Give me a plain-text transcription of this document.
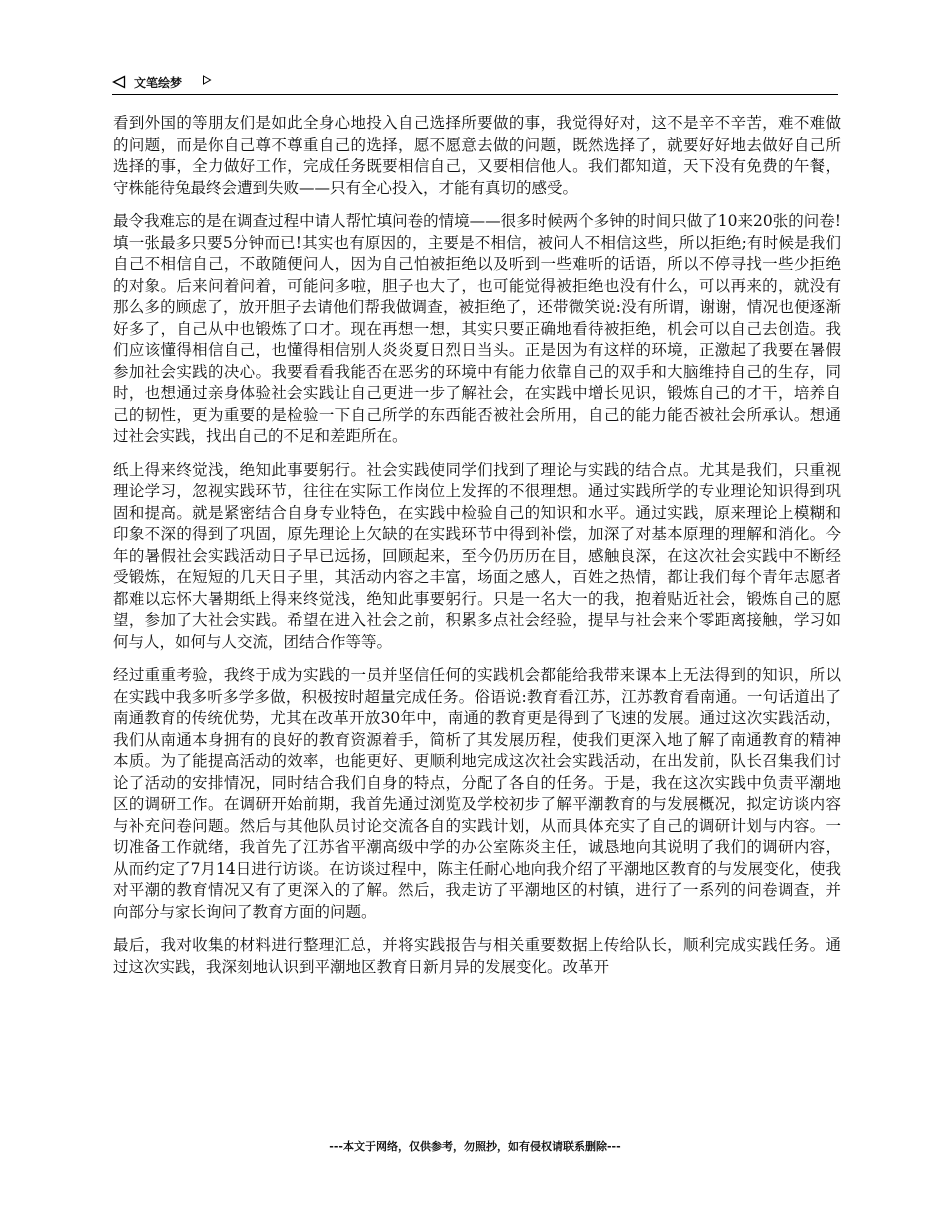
文笔绘梦

看到外国的等朋友们是如此全身心地投入自己选择所要做的事，我觉得好对，这不是辛不辛苦，难不难做的问题，而是你自己尊不尊重自己的选择，愿不愿意去做的问题，既然选择了，就要好好地去做好自己所选择的事，全力做好工作，完成任务既要相信自己，又要相信他人。我们都知道，天下没有免费的午餐，守株能待兔最终会遭到失败——只有全心投入，才能有真切的感受。

最令我难忘的是在调查过程中请人帮忙填问卷的情境——很多时候两个多钟的时间只做了10来20张的问卷!填一张最多只要5分钟而已!其实也有原因的，主要是不相信，被问人不相信这些，所以拒绝;有时候是我们自己不相信自己，不敢随便问人，因为自己怕被拒绝以及听到一些难听的话语，所以不停寻找一些少拒绝的对象。后来问着问着，可能问多啦，胆子也大了，也可能觉得被拒绝也没有什么，可以再来的，就没有那么多的顾虑了，放开胆子去请他们帮我做调查，被拒绝了，还带微笑说:没有所谓，谢谢，情况也便逐渐好多了，自己从中也锻炼了口才。现在再想一想，其实只要正确地看待被拒绝，机会可以自己去创造。我们应该懂得相信自己，也懂得相信别人炎炎夏日烈日当头。正是因为有这样的环境，正激起了我要在暑假参加社会实践的决心。我要看看我能否在恶劣的环境中有能力依靠自己的双手和大脑维持自己的生存，同时，也想通过亲身体验社会实践让自己更进一步了解社会，在实践中增长见识，锻炼自己的才干，培养自己的韧性，更为重要的是检验一下自己所学的东西能否被社会所用，自己的能力能否被社会所承认。想通过社会实践，找出自己的不足和差距所在。

纸上得来终觉浅，绝知此事要躬行。社会实践使同学们找到了理论与实践的结合点。尤其是我们，只重视理论学习，忽视实践环节，往往在实际工作岗位上发挥的不很理想。通过实践所学的专业理论知识得到巩固和提高。就是紧密结合自身专业特色，在实践中检验自己的知识和水平。通过实践，原来理论上模糊和印象不深的得到了巩固，原先理论上欠缺的在实践环节中得到补偿，加深了对基本原理的理解和消化。今年的暑假社会实践活动日子早已远扬，回顾起来，至今仍历历在目，感触良深，在这次社会实践中不断经受锻炼，在短短的几天日子里，其活动内容之丰富，场面之感人，百姓之热情，都让我们每个青年志愿者都难以忘怀大暑期纸上得来终觉浅，绝知此事要躬行。只是一名大一的我，抱着贴近社会，锻炼自己的愿望，参加了大社会实践。希望在进入社会之前，积累多点社会经验，提早与社会来个零距离接触，学习如何与人，如何与人交流，团结合作等等。

经过重重考验，我终于成为实践的一员并坚信任何的实践机会都能给我带来课本上无法得到的知识，所以在实践中我多听多学多做，积极按时超量完成任务。俗语说:教育看江苏，江苏教育看南通。一句话道出了南通教育的传统优势，尤其在改革开放30年中，南通的教育更是得到了飞速的发展。通过这次实践活动，我们从南通本身拥有的良好的教育资源着手，简析了其发展历程，使我们更深入地了解了南通教育的精神本质。为了能提高活动的效率，也能更好、更顺利地完成这次社会实践活动，在出发前，队长召集我们讨论了活动的安排情况，同时结合我们自身的特点，分配了各自的任务。于是，我在这次实践中负责平潮地区的调研工作。在调研开始前期，我首先通过浏览及学校初步了解平潮教育的与发展概况，拟定访谈内容与补充问卷问题。然后与其他队员讨论交流各自的实践计划，从而具体充实了自己的调研计划与内容。一切准备工作就绪，我首先了江苏省平潮高级中学的办公室陈炎主任，诚恳地向其说明了我们的调研内容，从而约定了7月14日进行访谈。在访谈过程中，陈主任耐心地向我介绍了平潮地区教育的与发展变化，使我对平潮的教育情况又有了更深入的了解。然后，我走访了平潮地区的村镇，进行了一系列的问卷调查，并向部分与家长询问了教育方面的问题。

最后，我对收集的材料进行整理汇总，并将实践报告与相关重要数据上传给队长，顺利完成实践任务。通过这次实践，我深刻地认识到平潮地区教育日新月异的发展变化。改革开

---本文于网络，仅供参考，勿照抄，如有侵权请联系删除---
